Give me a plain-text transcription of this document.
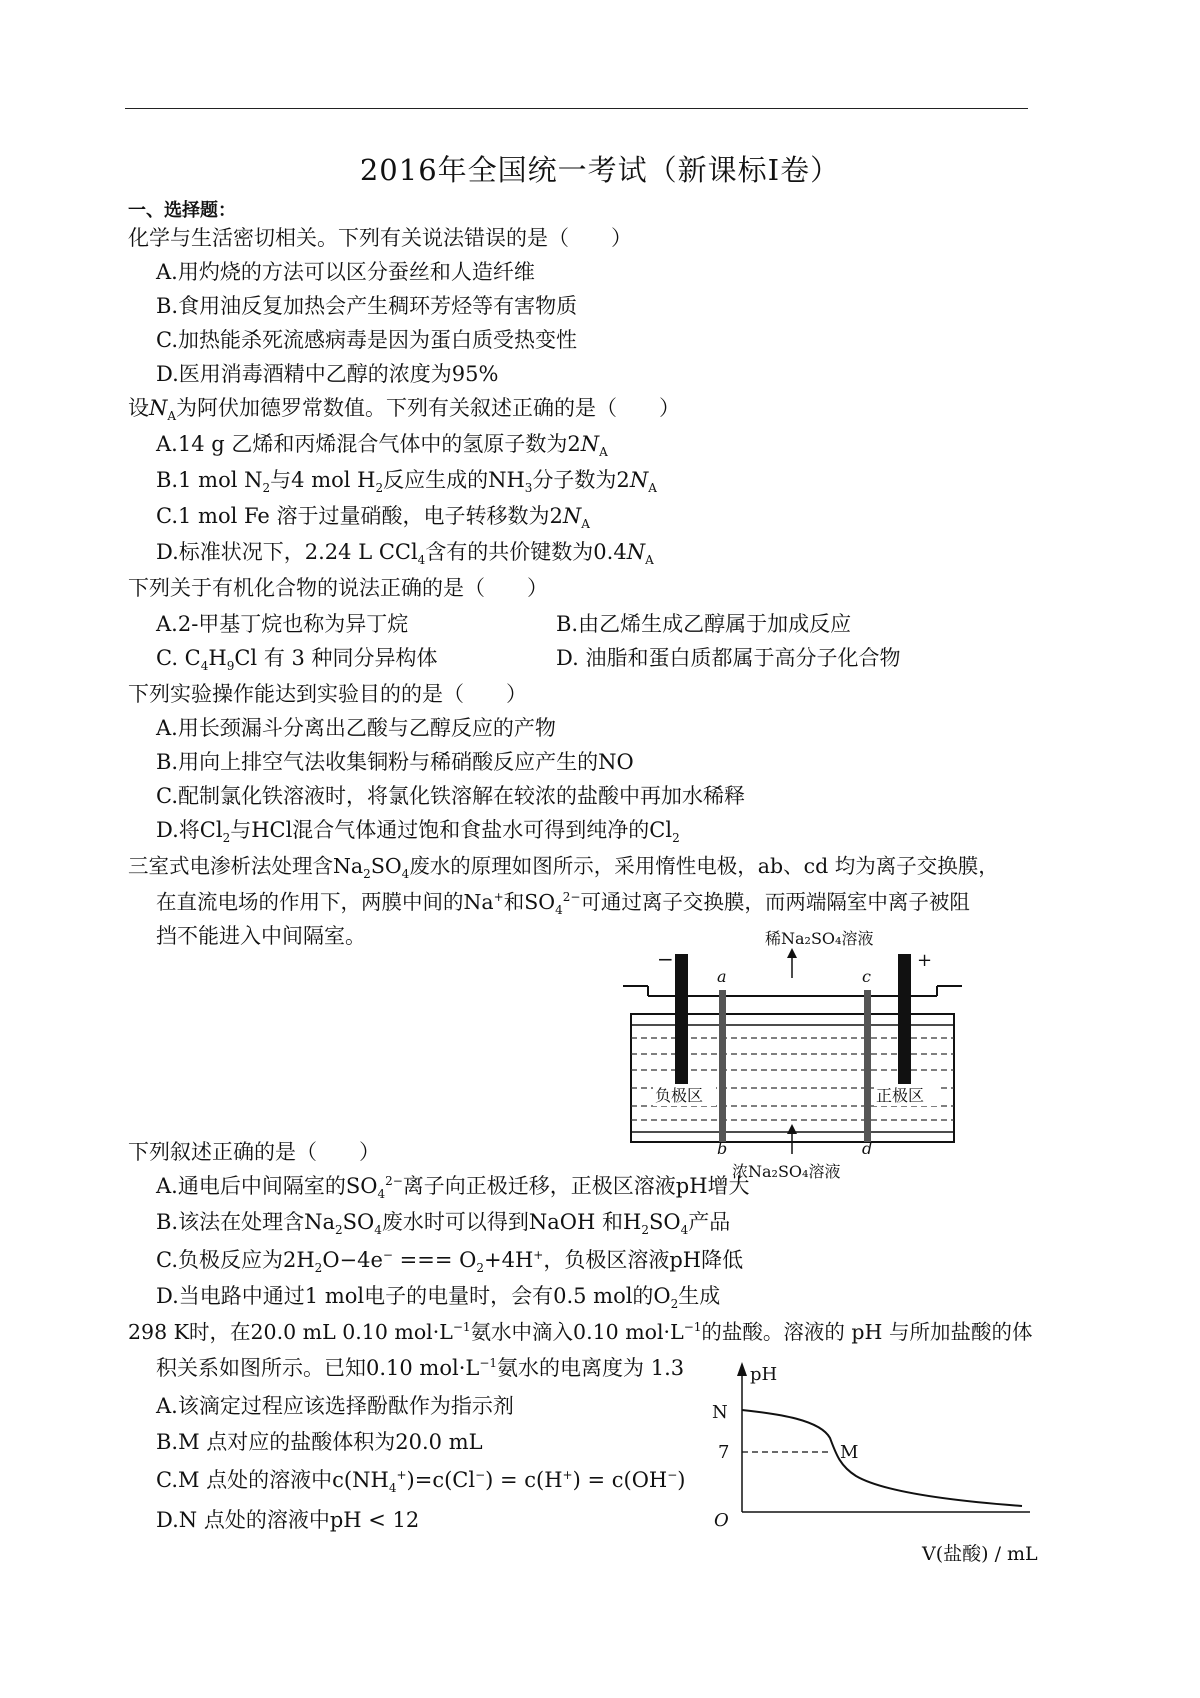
2016年全国统一考试（新课标I卷）
一、选择题：
化学与生活密切相关。下列有关说法错误的是（　　）
A.用灼烧的方法可以区分蚕丝和人造纤维
B.食用油反复加热会产生稠环芳烃等有害物质
C.加热能杀死流感病毒是因为蛋白质受热变性
D.医用消毒酒精中乙醇的浓度为95%
设$N_A$为阿伏加德罗常数值。下列有关叙述正确的是（　　）
A.14 g 乙烯和丙烯混合气体中的氢原子数为$2N_A$
B.1 mol $N_2$与4 mol $H_2$反应生成的$NH_3$分子数为$2N_A$
C.1 mol Fe 溶于过量硝酸，电子转移数为$2N_A$
D.标准状况下，2.24 L CCl$_4$含有的共价键数为$0.4N_A$
下列关于有机化合物的说法正确的是（　　）
A.2-甲基丁烷也称为异丁烷	B.由乙烯生成乙醇属于加成反应
C. $C_4H_9Cl$ 有 3 种同分异构体	D. 油脂和蛋白质都属于高分子化合物
下列实验操作能达到实验目的的是（　　）
A.用长颈漏斗分离出乙酸与乙醇反应的产物
B.用向上排空气法收集铜粉与稀硝酸反应产生的NO
C.配制氯化铁溶液时，将氯化铁溶解在较浓的盐酸中再加水稀释
D.将$Cl_2$与HCl混合气体通过饱和食盐水可得到纯净的$Cl_2$
三室式电渗析法处理含$Na_2SO_4$废水的原理如图所示，采用惰性电极，ab、cd 均为离子交换膜，
在直流电场的作用下，两膜中间的Na+和$SO_4^{2-}$可通过离子交换膜，而两端隔室中离子被阻
挡不能进入中间隔室。	稀Na₂SO₄溶液
−	+
a
b
c
d
负极区	正极区
浓Na₂SO₄溶液
下列叙述正确的是（　　）
A.通电后中间隔室的$SO_4^{2-}$离子向正极迁移，正极区溶液pH增大
B.该法在处理含$Na_2SO_4$废水时可以得到NaOH 和$H_2SO_4$产品
C.负极反应为$2H_2O-4e^-$ === $O_2+4H^+$，负极区溶液pH降低
D.当电路中通过1 mol电子的电量时，会有0.5 mol的$O_2$生成
298 K时，在20.0 mL 0.10 $mol\cdot L^{-1}$氨水中滴入0.10 $mol\cdot L^{-1}$的盐酸。溶液的 pH 与所加盐酸的体
积关系如图所示。已知0.10 $mol\cdot L^{-1}$氨水的电离度为 1.3
A.该滴定过程应该选择酚酞作为指示剂
B.M 点对应的盐酸体积为20.0 mL
C.M 点处的溶液中$c(NH_4^+)=c(Cl^-) = c(H^+) = c(OH^-)$
D.N 点处的溶液中pH < 12
pH
O
N
7	M
V(盐酸) / mL
